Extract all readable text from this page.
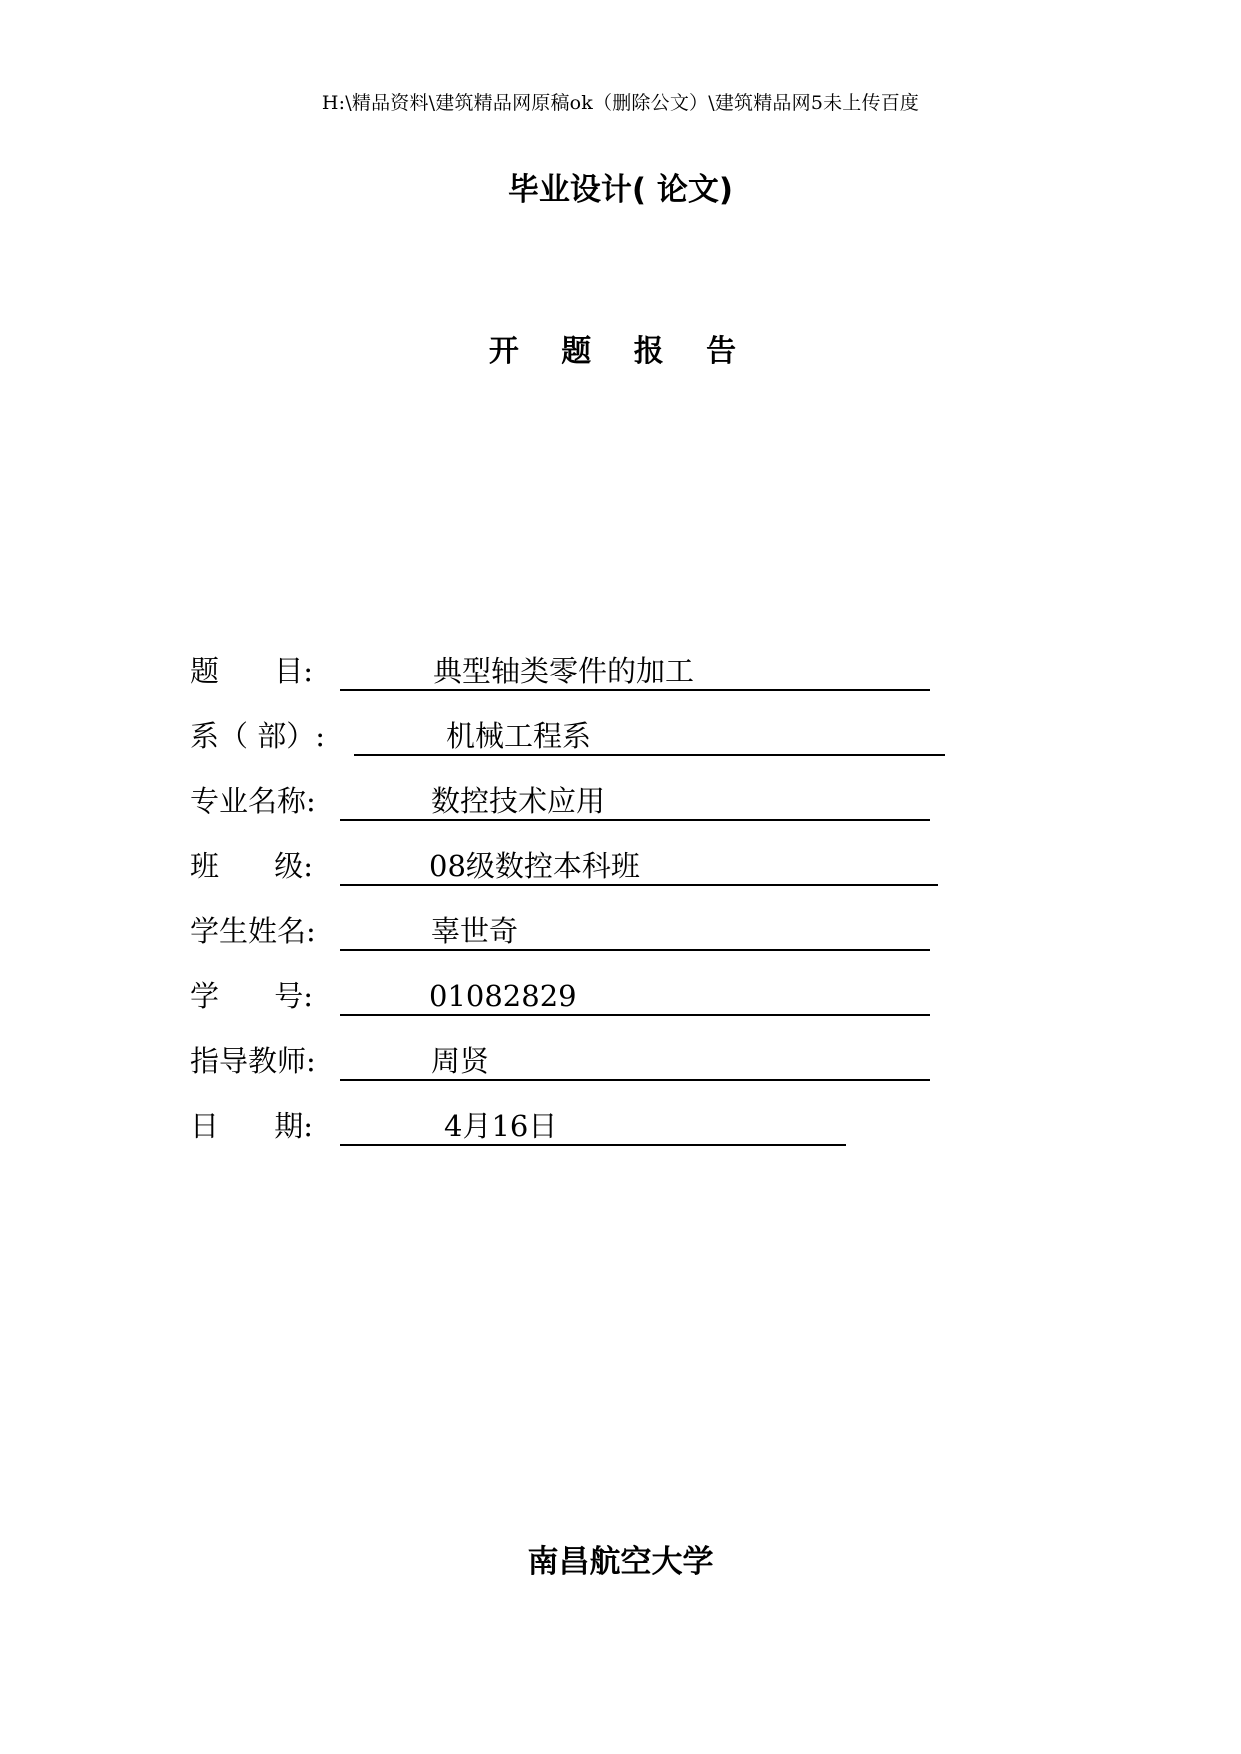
H:\精品资料\建筑精品网原稿ok（删除公文）\建筑精品网5未上传百度
毕业设计( 论文)
开 题 报 告
题      目:	典型轴类零件的加工
系（ 部）:	机械工程系
专业名称:	数控技术应用
班      级:	08级数控本科班
学生姓名:	辜世奇
学      号:	01082829
指导教师:	周贤
日      期:	4月16日
南昌航空大学
